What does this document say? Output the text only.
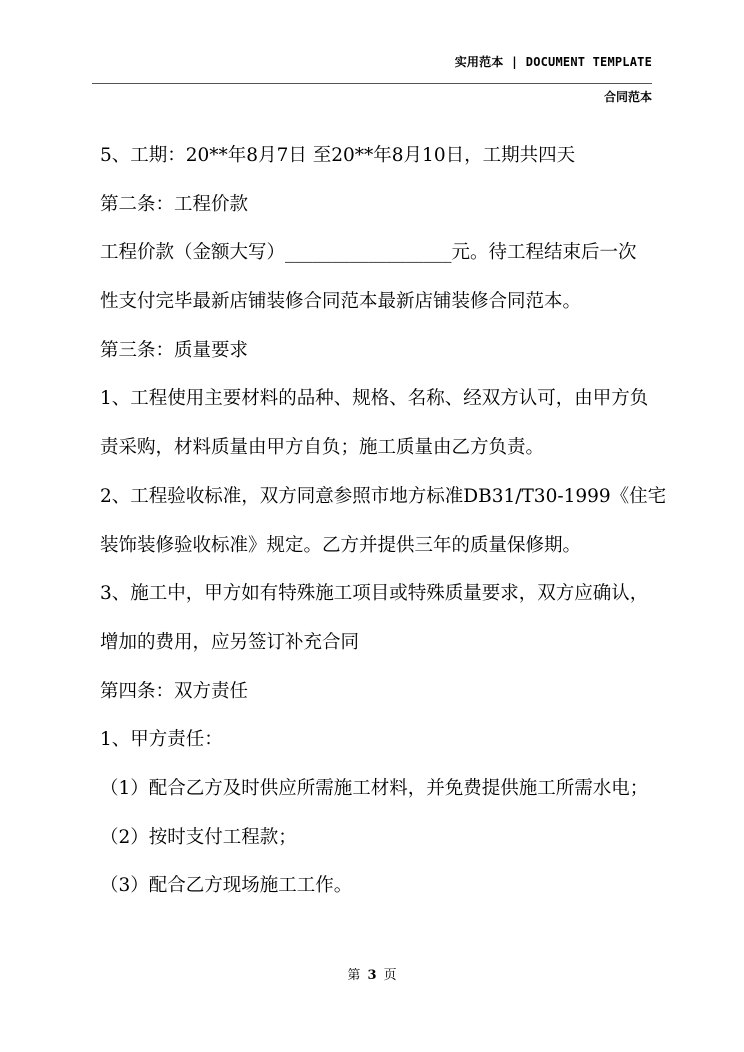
实用范本 | DOCUMENT TEMPLATE
合同范本
5、工期：20**年8月7日 至20**年8月10日，工期共四天
第二条：工程价款
工程价款（金额大写）__________________元。待工程结束后一次
性支付完毕最新店铺装修合同范本最新店铺装修合同范本。
第三条：质量要求
1、工程使用主要材料的品种、规格、名称、经双方认可，由甲方负
责采购，材料质量由甲方自负；施工质量由乙方负责。
2、工程验收标准，双方同意参照市地方标准DB31/T30-1999《住宅
装饰装修验收标准》规定。乙方并提供三年的质量保修期。
3、施工中，甲方如有特殊施工项目或特殊质量要求，双方应确认，
增加的费用，应另签订补充合同
第四条：双方责任
1、甲方责任：
（1）配合乙方及时供应所需施工材料，并免费提供施工所需水电；
（2）按时支付工程款；
（3）配合乙方现场施工工作。
第 3 页
